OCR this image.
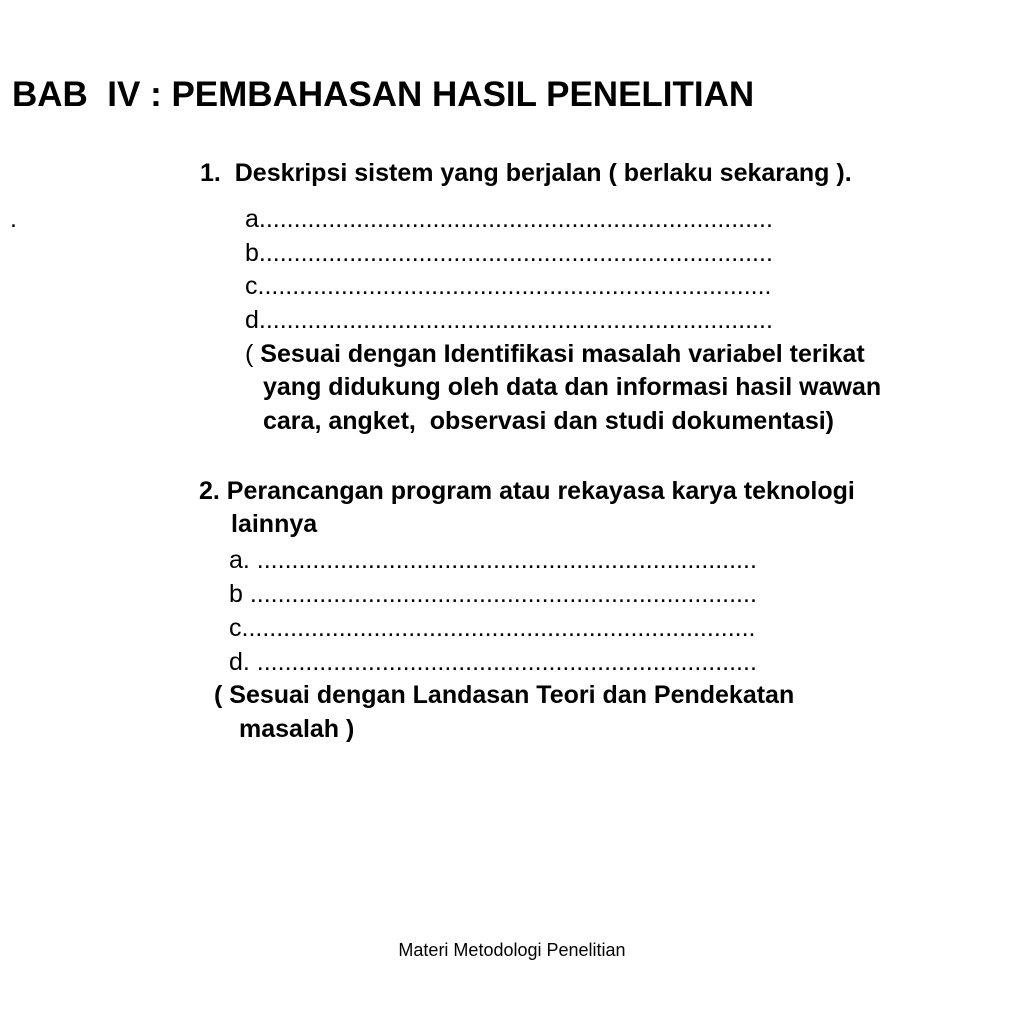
BAB  IV : PEMBAHASAN HASIL PENELITIAN
.
1.  Deskripsi sistem yang berjalan ( berlaku sekarang ).
a..........................................................................
b..........................................................................
c..........................................................................
d..........................................................................
( Sesuai dengan Identifikasi masalah variabel terikat
yang didukung oleh data dan informasi hasil wawan
cara, angket,  observasi dan studi dokumentasi)
2. Perancangan program atau rekayasa karya teknologi
lainnya
a. ........................................................................
b .........................................................................
c..........................................................................
d. ........................................................................
( Sesuai dengan Landasan Teori dan Pendekatan
masalah )
Materi Metodologi Penelitian
